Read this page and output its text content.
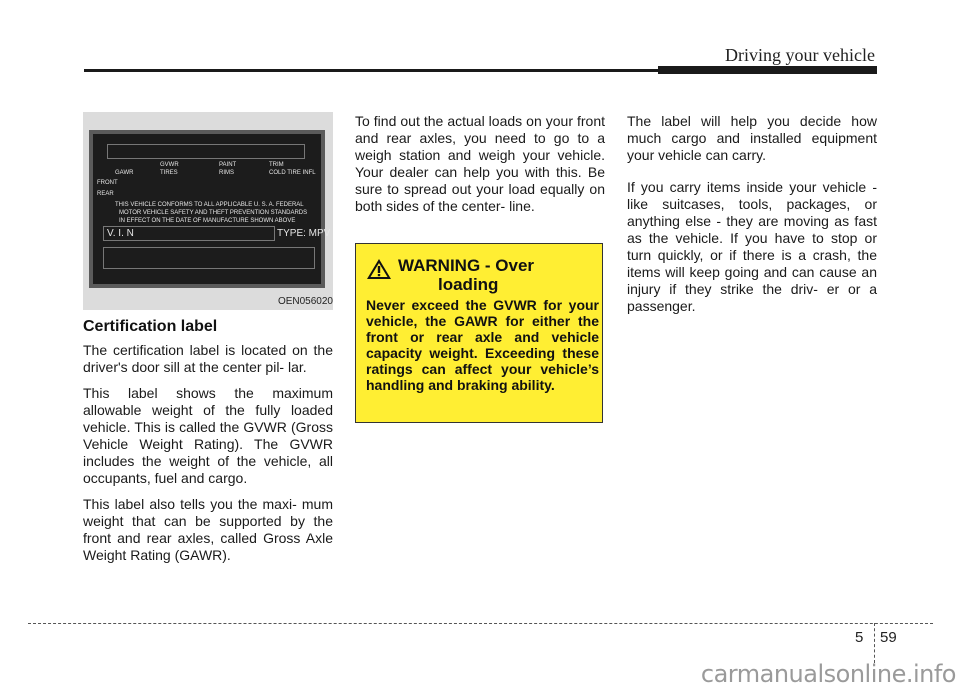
Driving your vehicle
GVWR	PAINT	TRIM
GAWR	TIRES	RIMS	COLD TIRE INFL
FRONT
REAR
THIS VEHICLE CONFORMS TO ALL APPLICABLE U. S. A. FEDERAL
MOTOR VEHICLE SAFETY AND THEFT PREVENTION STANDARDS
IN EFFECT ON THE DATE OF MANUFACTURE SHOWN ABOVE
V. I. N	TYPE: MPV
OEN056020
Certification label

The certification label is located on the driver's door sill at the center pil- lar.

This label shows the maximum allowable weight of the fully loaded vehicle. This is called the GVWR (Gross Vehicle Weight Rating). The GVWR includes the weight of the vehicle, all occupants, fuel and cargo.

This label also tells you the maxi- mum weight that can be supported by the front and rear axles, called Gross Axle Weight Rating (GAWR).

To find out the actual loads on your front and rear axles, you need to go to a weigh station and weigh your vehicle. Your dealer can help you with this. Be sure to spread out your load equally on both sides of the center- line.

WARNING - Over
loading
Never exceed the GVWR for your vehicle, the GAWR for either the front or rear axle and vehicle capacity weight. Exceeding these ratings can affect your vehicle’s handling and braking ability.

The label will help you decide how much cargo and installed equipment your vehicle can carry.

If you carry items inside your vehicle - like suitcases, tools, packages, or anything else - they are moving as fast as the vehicle. If you have to stop or turn quickly, or if there is a crash, the items will keep going and can cause an injury if they strike the driv- er or a passenger.

5 59
carmanualsonline.info
